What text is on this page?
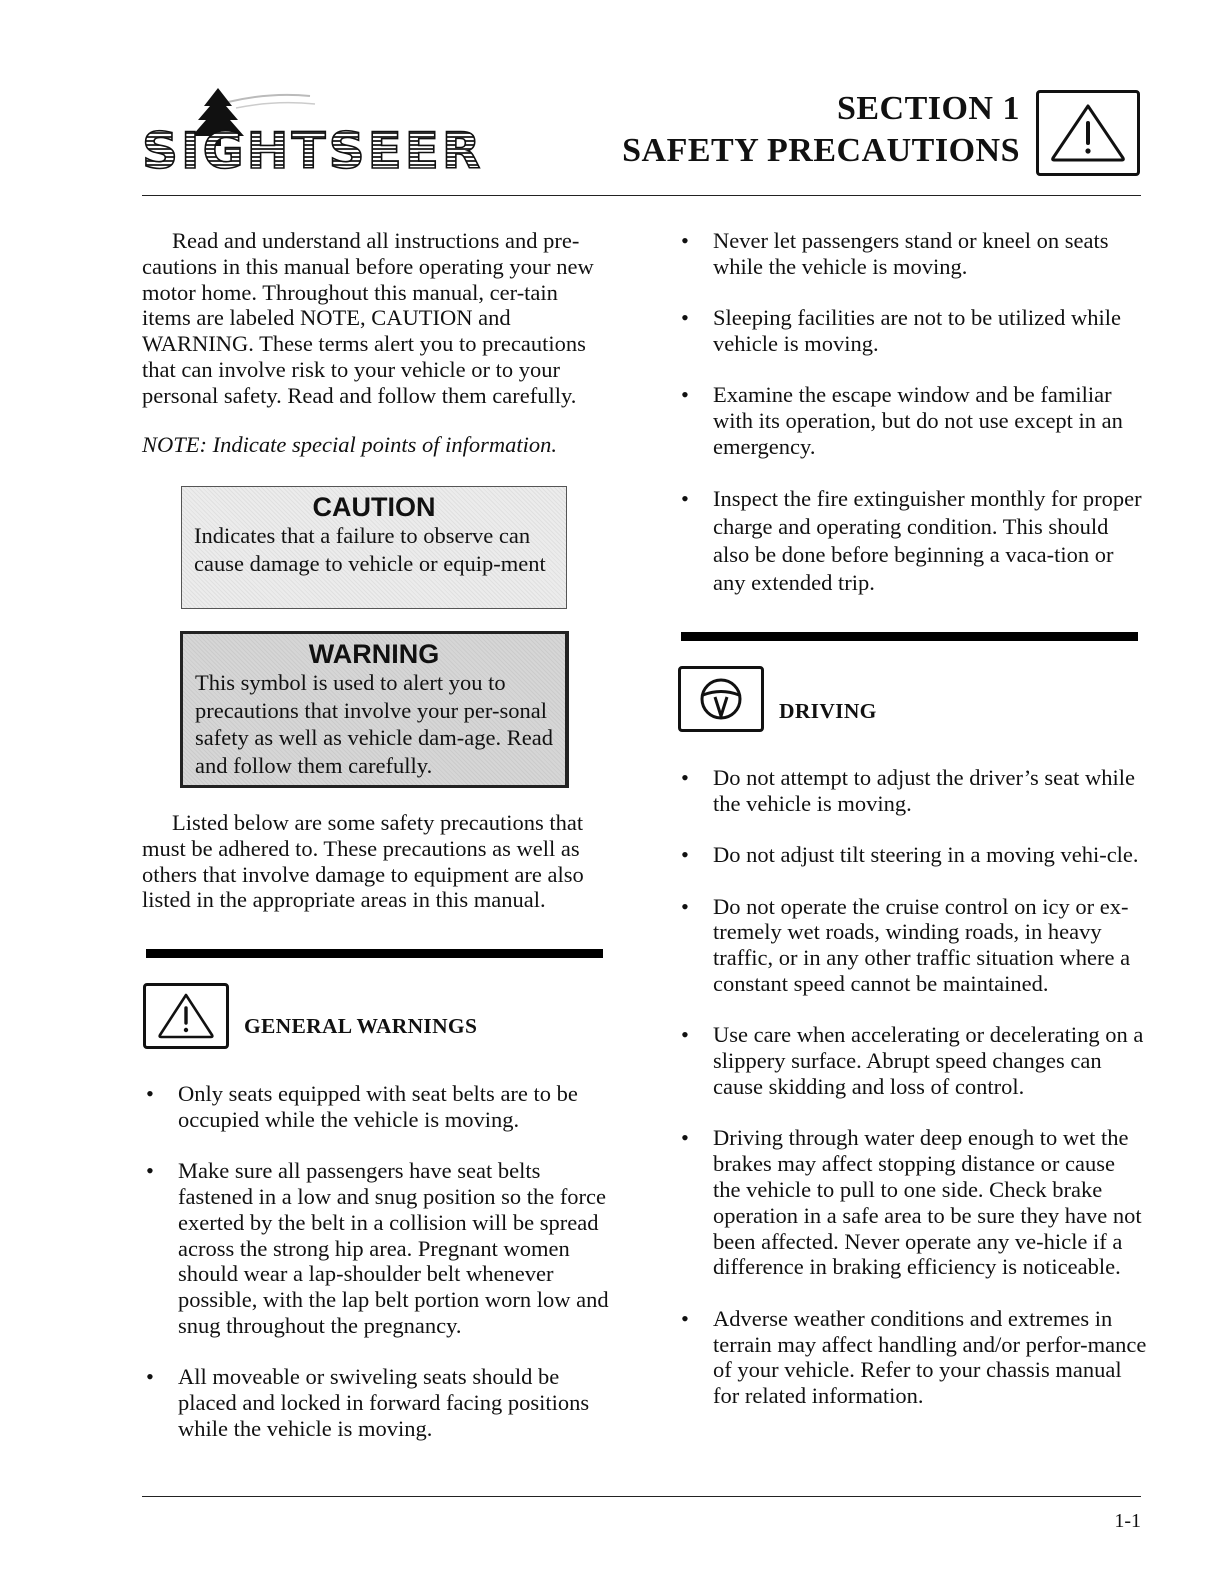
SIGHTSEER
SECTION 1
SAFETY PRECAUTIONS

Read and understand all instructions and pre-cautions in this manual before operating your new motor home. Throughout this manual, cer-tain items are labeled NOTE, CAUTION and WARNING. These terms alert you to precautions that can involve risk to your vehicle or to your personal safety. Read and follow them carefully.

NOTE: Indicate special points of information.

CAUTION

Indicates that a failure to observe can cause damage to vehicle or equip-ment

WARNING

This symbol is used to alert you to precautions that involve your per-sonal safety as well as vehicle dam-age. Read and follow them carefully.

Listed below are some safety precautions that must be adhered to. These precautions as well as others that involve damage to equipment are also listed in the appropriate areas in this manual.

GENERAL WARNINGS
•
Only seats equipped with seat belts are to be occupied while the vehicle is moving.
•
Make sure all passengers have seat belts fastened in a low and snug position so the force exerted by the belt in a collision will be spread across the strong hip area. Pregnant women should wear a lap-shoulder belt whenever possible, with the lap belt portion worn low and snug throughout the pregnancy.
•
All moveable or swiveling seats should be placed and locked in forward facing positions while the vehicle is moving.
•
Never let passengers stand or kneel on seats while the vehicle is moving.
•
Sleeping facilities are not to be utilized while vehicle is moving.
•
Examine the escape window and be familiar with its operation, but do not use except in an emergency.
•
Inspect the fire extinguisher monthly for proper charge and operating condition. This should also be done before beginning a vaca-tion or any extended trip.
DRIVING
•
Do not attempt to adjust the driver’s seat while the vehicle is moving.
•
Do not adjust tilt steering in a moving vehi-cle.
•
Do not operate the cruise control on icy or ex-tremely wet roads, winding roads, in heavy traffic, or in any other traffic situation where a constant speed cannot be maintained.
•
Use care when accelerating or decelerating on a slippery surface. Abrupt speed changes can cause skidding and loss of control.
•
Driving through water deep enough to wet the brakes may affect stopping distance or cause the vehicle to pull to one side. Check brake operation in a safe area to be sure they have not been affected. Never operate any ve-hicle if a difference in braking efficiency is noticeable.
•
Adverse weather conditions and extremes in terrain may affect handling and/or perfor-mance of your vehicle. Refer to your chassis manual for related information.
1-1
